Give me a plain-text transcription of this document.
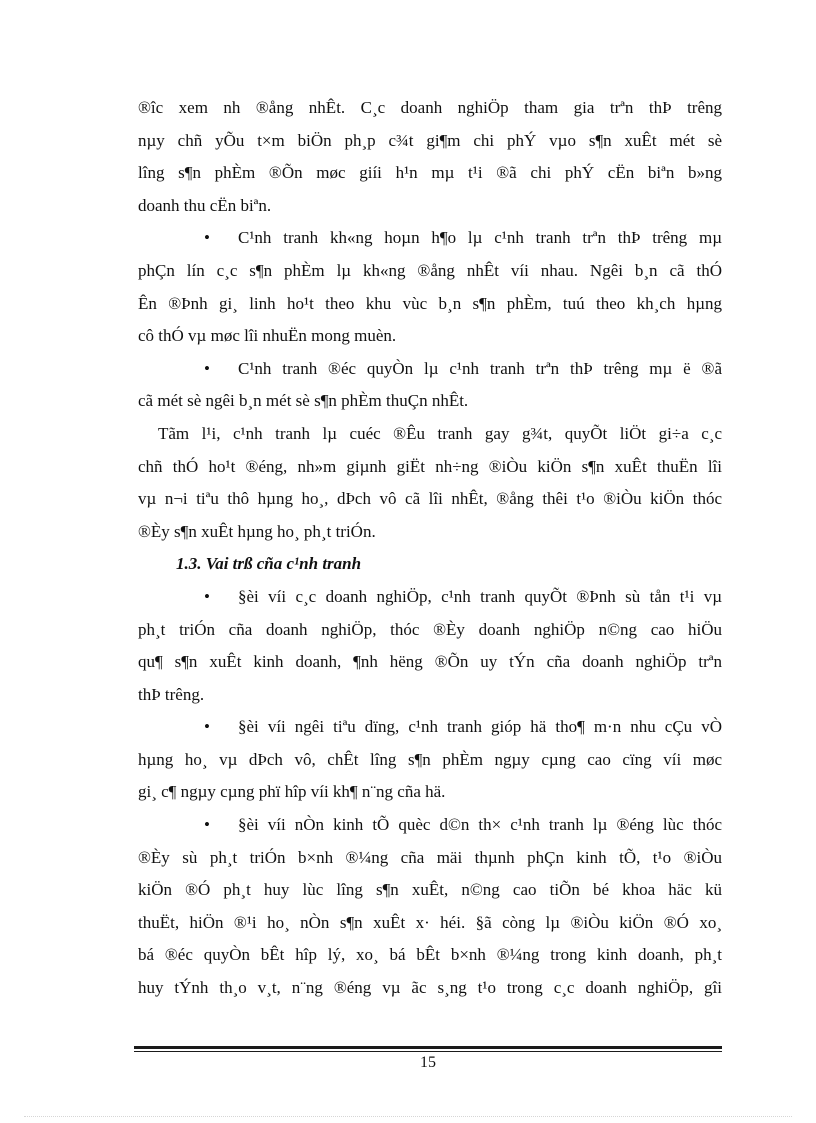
®îc xem nh ®ång nhÊt. C¸c doanh nghiÖp tham gia trªn thÞ trêng
nµy chñ yÕu t×m biÖn ph¸p c¾t gi¶m chi phÝ vµo s¶n xuÊt mét sè
lîng s¶n phÈm ®Õn møc giíi h¹n mµ t¹i ®ã chi phÝ cËn biªn b»ng
doanh thu cËn biªn.
•	C¹nh tranh kh«ng hoµn h¶o lµ c¹nh tranh trªn thÞ trêng mµ
phÇn lín c¸c s¶n phÈm lµ kh«ng ®ång nhÊt víi nhau. Ngêi b¸n cã thÓ
Ên ®Þnh gi¸ linh ho¹t theo khu vùc b¸n s¶n phÈm, tuú theo kh¸ch hµng
cô thÓ vµ møc lîi nhuËn mong muèn.
•	C¹nh tranh ®éc quyÒn lµ c¹nh tranh trªn thÞ trêng mµ ë ®ã
cã mét sè ngêi b¸n mét sè s¶n phÈm thuÇn nhÊt.
Tãm l¹i, c¹nh tranh lµ cuéc ®Êu tranh gay g¾t, quyÕt liÖt gi÷a c¸c
chñ thÓ ho¹t ®éng, nh»m giµnh giËt nh÷ng ®iÒu kiÖn s¶n xuÊt thuËn lîi
vµ n¬i tiªu thô hµng ho¸, dÞch vô cã lîi nhÊt, ®ång thêi t¹o ®iÒu kiÖn thóc
®Èy s¶n xuÊt hµng ho¸ ph¸t triÓn.
1.3. Vai trß cña c¹nh tranh
•	§èi víi c¸c doanh nghiÖp, c¹nh tranh quyÕt ®Þnh sù tån t¹i vµ
ph¸t triÓn cña doanh nghiÖp, thóc ®Èy doanh nghiÖp n©ng cao hiÖu
qu¶ s¶n xuÊt kinh doanh, ¶nh hëng ®Õn uy tÝn cña doanh nghiÖp trªn
thÞ trêng.
•	§èi víi ngêi tiªu dïng, c¹nh tranh gióp hä tho¶ m·n nhu cÇu vÒ
hµng ho¸ vµ dÞch vô, chÊt lîng s¶n phÈm ngµy cµng cao cïng víi møc
gi¸ c¶ ngµy cµng phï hîp víi kh¶ n¨ng cña hä.
•	§èi víi nÒn kinh tÕ quèc d©n th× c¹nh tranh lµ ®éng lùc thóc
®Èy sù ph¸t triÓn b×nh ®¼ng cña mäi thµnh phÇn kinh tÕ, t¹o ®iÒu
kiÖn ®Ó ph¸t huy lùc lîng s¶n xuÊt, n©ng cao tiÕn bé khoa häc kü
thuËt, hiÖn ®¹i ho¸ nÒn s¶n xuÊt x· héi. §ã còng lµ ®iÒu kiÖn ®Ó xo¸
bá ®éc quyÒn bÊt hîp lý, xo¸ bá bÊt b×nh ®¼ng trong kinh doanh, ph¸t
huy tÝnh th¸o v¸t, n¨ng ®éng vµ ãc s¸ng t¹o trong c¸c doanh nghiÖp, gîi
15
